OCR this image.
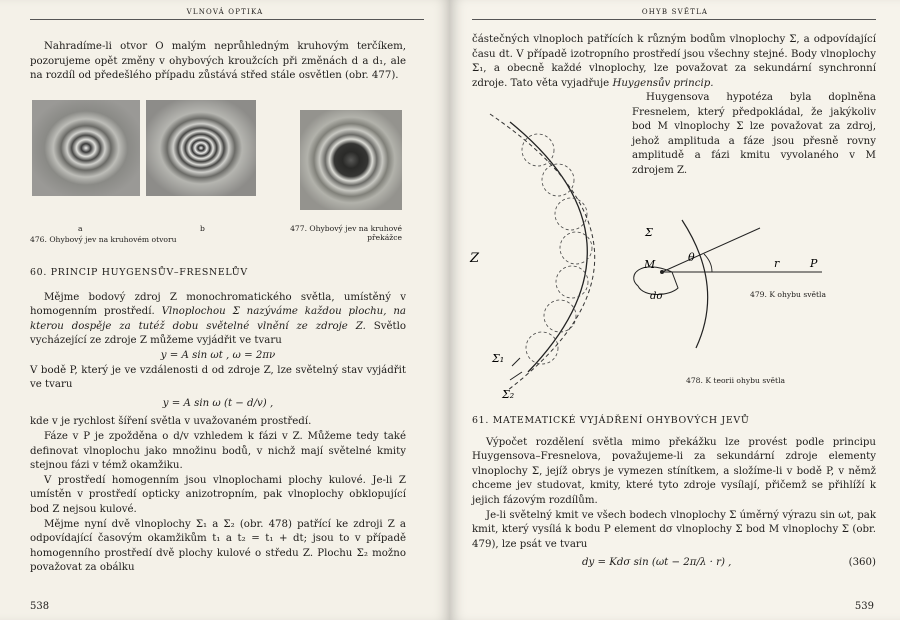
VLNOVÁ OPTIKA

Nahradíme-li otvor O malým neprůhledným kruhovým terčíkem, pozorujeme opět změny v ohybových kroužcích při změnách d a d₁, ale na rozdíl od předešlého případu zůstává střed stále osvětlen (obr. 477).

a	b
476. Ohybový jev na kruhovém otvoru
477. Ohybový jev na kruhové překážce

60. PRINCIP HUYGENSŮV–FRESNELŮV

Mějme bodový zdroj Z monochromatického světla, umístěný v homogenním prostředí. Vlnoplochou Σ nazýváme každou plochu, na kterou dospěje za tutéž dobu světelné vlnění ze zdroje Z. Světlo vycházející ze zdroje Z můžeme vyjádřit ve tvaru

y = A sin ωt , ω = 2πν

V bodě P, který je ve vzdálenosti d od zdroje Z, lze světelný stav vyjádřit ve tvaru

y = A sin ω (t − d/v) ,

kde v je rychlost šíření světla v uvažovaném prostředí.

Fáze v P je zpožděna o d/v vzhledem k fázi v Z. Můžeme tedy také definovat vlnoplochu jako množinu bodů, v nichž mají světelné kmity stejnou fázi v témž okamžiku.

V prostředí homogenním jsou vlnoplochami plochy kulové. Je-li Z umístěn v prostředí opticky anizotropním, pak vlnoplochy obklopující bod Z nejsou kulové.

Mějme nyní dvě vlnoplochy Σ₁ a Σ₂ (obr. 478) patřící ke zdroji Z a odpovídající časovým okamžikům t₁ a t₂ = t₁ + dt; jsou to v případě homogenního prostředí dvě plochy kulové o středu Z. Plochu Σ₂ možno považovat za obálku

538
OHYB SVĚTLA

částečných vlnoploch patřících k různým bodům vlnoplochy Σ, a odpovídající času dt. V případě izotropního prostředí jsou všechny stejné. Body vlnoplochy Σ₁, a obecně každé vlnoplochy, lze považovat za sekundární synchronní zdroje. Tato věta vyjadřuje Huygensův princip.

Huygensova hypotéza byla doplněna Fresnelem, který předpokládal, že jakýkoliv bod M vlnoplochy Σ lze považovat za zdroj, jehož amplituda a fáze jsou přesně rovny amplitudě a fázi kmitu vyvolaného v M zdrojem Z.

Σ₁
Σ₂
Z	M
Σ
θ	r	P
dσ	479. K ohybu světla
478. K teorii ohybu světla

61. MATEMATICKÉ VYJÁDŘENÍ OHYBOVÝCH JEVŮ

Výpočet rozdělení světla mimo překážku lze provést podle principu Huygensova–Fresnelova, považujeme-li za sekundární zdroje elementy vlnoplochy Σ, jejíž obrys je vymezen stínítkem, a složíme-li v bodě P, v němž chceme jev studovat, kmity, které tyto zdroje vysílají, přičemž se přihlíží k jejich fázovým rozdílům.

Je-li světelný kmit ve všech bodech vlnoplochy Σ úměrný výrazu sin ωt, pak kmit, který vysílá k bodu P element dσ vlnoplochy Σ bod M vlnoplochy Σ (obr. 479), lze psát ve tvaru

dy = Kdσ sin (ωt − 2π/λ · r) ,	(360)
539
